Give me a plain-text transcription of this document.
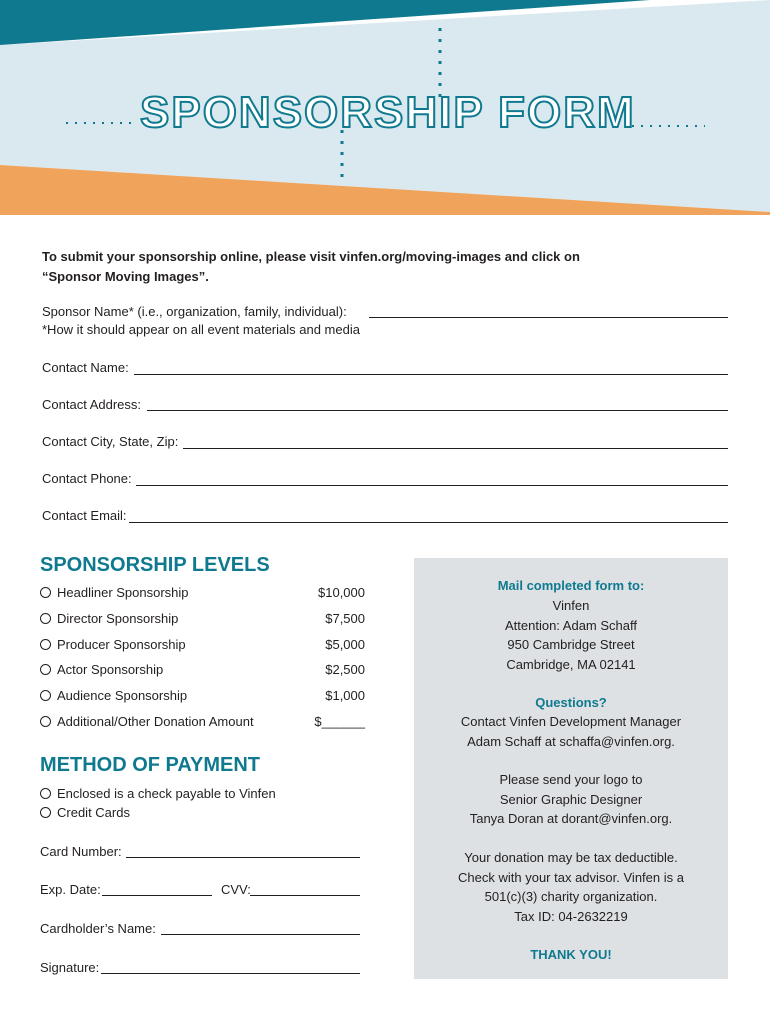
SPONSORSHIP FORM
To submit your sponsorship online, please visit vinfen.org/moving-images and click on
“Sponsor Moving Images”.
Sponsor Name* (i.e., organization, family, individual):
*How it should appear on all event materials and media
Contact Name:
Contact Address:
Contact City, State, Zip:
Contact Phone:
Contact Email:
SPONSORSHIP LEVELS
Headliner Sponsorship	$10,000
Director Sponsorship	$7,500
Producer Sponsorship	$5,000
Actor Sponsorship	$2,500
Audience Sponsorship	$1,000
Additional/Other Donation Amount	$______
METHOD OF PAYMENT
Enclosed is a check payable to Vinfen
Credit Cards
Card Number:
Exp. Date:	CVV:
Cardholder’s Name:
Signature:
Mail completed form to:
Vinfen
Attention: Adam Schaff
950 Cambridge Street
Cambridge, MA 02141
Questions?
Contact Vinfen Development Manager
Adam Schaff at schaffa@vinfen.org.
Please send your logo to
Senior Graphic Designer
Tanya Doran at dorant@vinfen.org.
Your donation may be tax deductible.
Check with your tax advisor. Vinfen is a
501(c)(3) charity organization.
Tax ID: 04-2632219
THANK YOU!
